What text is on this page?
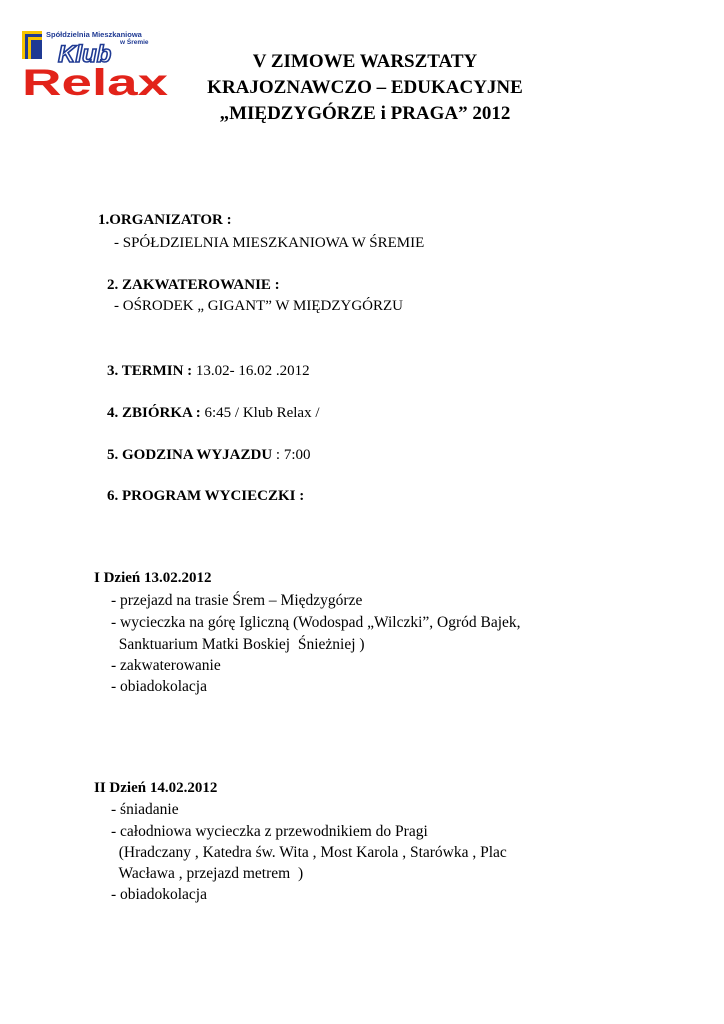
Spółdzielnia Mieszkaniowa
w Śremie
Klub
Relax
V ZIMOWE WARSZTATY
KRAJOZNAWCZO – EDUKACYJNE
„MIĘDZYGÓRZE i PRAGA” 2012
1.ORGANIZATOR :
- SPÓŁDZIELNIA MIESZKANIOWA W ŚREMIE
2. ZAKWATEROWANIE :
- OŚRODEK „ GIGANT” W MIĘDZYGÓRZU
3. TERMIN : 13.02- 16.02 .2012
4. ZBIÓRKA : 6:45 / Klub Relax /
5. GODZINA WYJAZDU : 7:00
6. PROGRAM WYCIECZKI :
I Dzień 13.02.2012
- przejazd na trasie Śrem – Międzygórze
- wycieczka na górę Igliczną (Wodospad „Wilczki”, Ogród Bajek,
Sanktuarium Matki Boskiej  Śnieżniej )
- zakwaterowanie
- obiadokolacja
II Dzień 14.02.2012
- śniadanie
- całodniowa wycieczka z przewodnikiem do Pragi
(Hradczany , Katedra św. Wita , Most Karola , Starówka , Plac
Wacława , przejazd metrem  )
- obiadokolacja
